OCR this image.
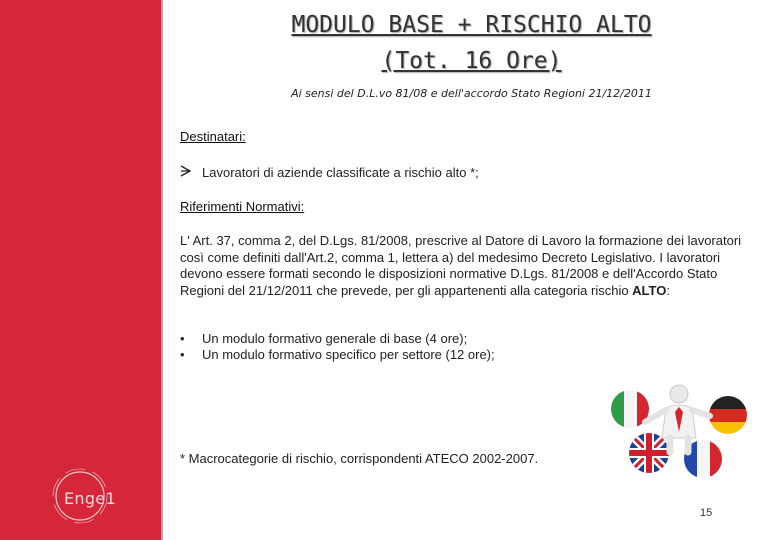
Enge1
MODULO BASE + RISCHIO ALTO
(Tot. 16 Ore)
Ai sensi del D.L.vo 81/08 e dell'accordo Stato Regioni 21/12/2011
Destinatari:
Lavoratori di aziende classificate a rischio alto *;
Riferimenti Normativi:

L' Art. 37, comma 2, del D.Lgs. 81/2008, prescrive al Datore di Lavoro la formazione dei lavoratori così come definiti dall'Art.2, comma 1, lettera a) del medesimo Decreto Legislativo. I lavoratori devono essere formati secondo le disposizioni normative D.Lgs. 81/2008 e dell'Accordo Stato Regioni del 21/12/2011 che prevede, per gli appartenenti alla categoria rischio ALTO:

•	Un modulo formativo generale di base (4 ore);
•	Un modulo formativo specifico per settore (12 ore);
* Macrocategorie di rischio, corrispondenti ATECO 2002-2007.
15
